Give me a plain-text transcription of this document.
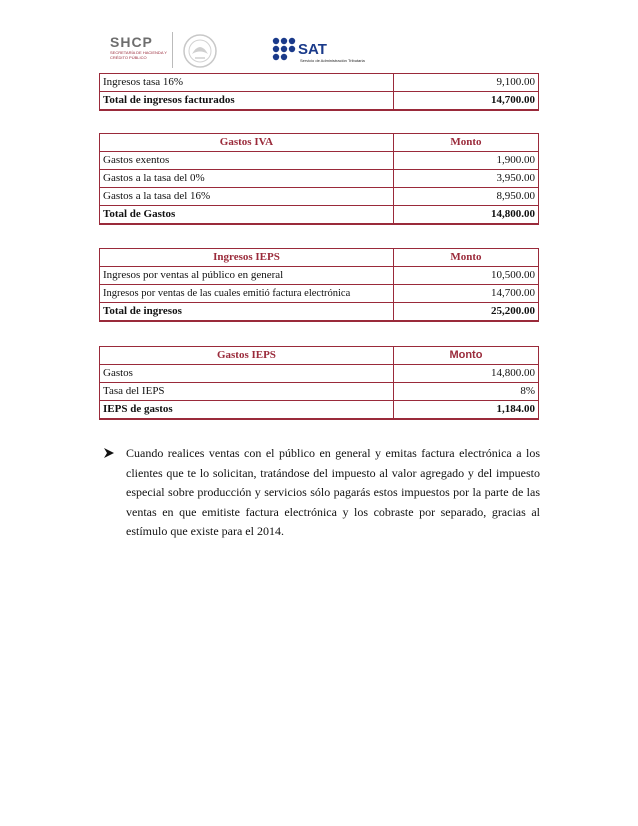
SHCP
SECRETARÍA DE HACIENDA Y CRÉDITO PÚBLICO	SAT
Servicio de Administración Tributaria
Ingresos tasa 16%	9,100.00
Total de ingresos facturados	14,700.00
Gastos IVA	Monto
Gastos exentos	1,900.00
Gastos a la tasa del 0%	3,950.00
Gastos a la tasa del 16%	8,950.00
Total de Gastos	14,800.00
Ingresos IEPS	Monto
Ingresos por ventas al público en general	10,500.00
Ingresos por ventas de las cuales emitió factura electrónica	14,700.00
Total de ingresos	25,200.00
Gastos IEPS	Monto
Gastos	14,800.00
Tasa del IEPS	8%
IEPS de gastos	1,184.00
Cuando realices ventas con el público en general y emitas factura electrónica a los clientes que te lo solicitan, tratándose del impuesto al valor agregado y del impuesto especial sobre producción y servicios sólo pagarás estos impuestos por la parte de las ventas en que emitiste factura electrónica y los cobraste por separado, gracias al estímulo que existe para el 2014.
